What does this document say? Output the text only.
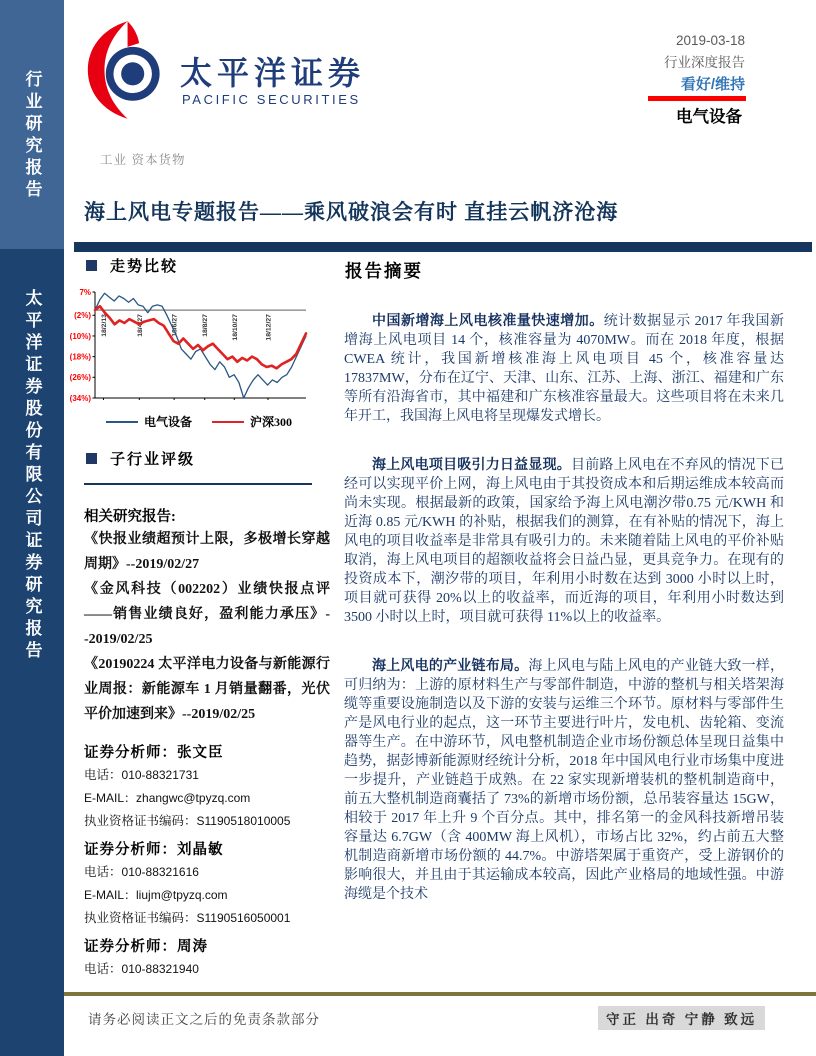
行业研究报告
太平洋证券股份有限公司证券研究报告
太平洋证券
PACIFIC SECURITIES
2019-03-18
行业深度报告
看好/维持
电气设备
工业 资本货物
海上风电专题报告——乘风破浪会有时 直挂云帆济沧海
走势比较
7%
(2%)
(10%)
(18%)
(26%)
(34%)
18/2/13	18/4/27	18/6/27	18/8/27	18/10/27	18/12/27
电气设备	沪深300
子行业评级
相关研究报告:

《快报业绩超预计上限，多极增长穿越周期》--2019/02/27

《金风科技（002202）业绩快报点评——销售业绩良好，盈利能力承压》--2019/02/25

《20190224 太平洋电力设备与新能源行业周报：新能源车 1 月销量翻番，光伏平价加速到来》--2019/02/25

证券分析师：张文臣
电话：010-88321731
E-MAIL：zhangwc@tpyzq.com
执业资格证书编码：S1190518010005
证券分析师：刘晶敏
电话：010-88321616
E-MAIL：liujm@tpyzq.com
执业资格证书编码：S1190516050001
证券分析师：周涛
电话：010-88321940
报告摘要

中国新增海上风电核准量快速增加。统计数据显示 2017 年我国新增海上风电项目 14 个，核准容量为 4070MW。而在 2018 年度，根据 CWEA 统计，我国新增核准海上风电项目 45 个，核准容量达 17837MW，分布在辽宁、天津、山东、江苏、上海、浙江、福建和广东等所有沿海省市，其中福建和广东核准容量最大。这些项目将在未来几年开工，我国海上风电将呈现爆发式增长。

海上风电项目吸引力日益显现。目前路上风电在不弃风的情况下已经可以实现平价上网，海上风电由于其投资成本和后期运维成本较高而尚未实现。根据最新的政策，国家给予海上风电潮汐带0.75 元/KWH 和近海 0.85 元/KWH 的补贴，根据我们的测算，在有补贴的情况下，海上风电的项目收益率是非常具有吸引力的。未来随着陆上风电的平价补贴取消，海上风电项目的超额收益将会日益凸显，更具竞争力。在现有的投资成本下，潮汐带的项目，年利用小时数在达到 3000 小时以上时，项目就可获得 20%以上的收益率，而近海的项目，年利用小时数达到 3500 小时以上时，项目就可获得 11%以上的收益率。

海上风电的产业链布局。海上风电与陆上风电的产业链大致一样，可归纳为：上游的原材料生产与零部件制造，中游的整机与相关塔架海缆等重要设施制造以及下游的安装与运维三个环节。原材料与零部件生产是风电行业的起点，这一环节主要进行叶片，发电机、齿轮箱、变流器等生产。在中游环节，风电整机制造企业市场份额总体呈现日益集中趋势，据彭博新能源财经统计分析，2018 年中国风电行业市场集中度进一步提升，产业链趋于成熟。在 22 家实现新增装机的整机制造商中，前五大整机制造商囊括了 73%的新增市场份额，总吊装容量达 15GW，相较于 2017 年上升 9 个百分点。其中，排名第一的金风科技新增吊装容量达 6.7GW（含 400MW 海上风机），市场占比 32%，约占前五大整机制造商新增市场份额的 44.7%。中游塔架属于重资产，受上游钢价的影响很大，并且由于其运输成本较高，因此产业格局的地域性强。中游海缆是个技术

请务必阅读正文之后的免责条款部分	守正 出奇 宁静 致远
